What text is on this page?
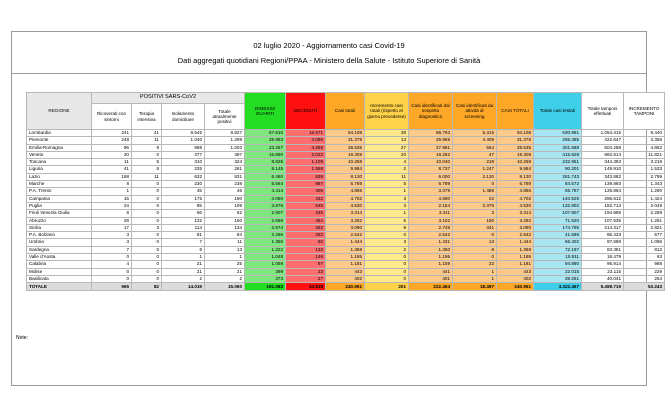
02 luglio 2020 - Aggiornamento casi Covid-19
Dati aggregati quotidiani Regioni/PPAA - Ministero della Salute - Istituto Superiore di Sanità
REGIONE	POSITIVI SARS-CoV2				DIMESSI/ GUARITI	DECEDUTI	Casi totali	Incremento casi totali (rispetto al giorno precedente)	Casi identificati dal sospetto diagnostico	Casi identificati da attività di screening	CASI TOTALI	Totale casi testati	Totale tamponi effettuati	INCREMENTO TAMPONI
	Ricoverati con sintomi	Terapia intensiva	Isolamento domiciliare	Totale attualmente positivi										
Lombardia	241	41	9.545	9.827	67.610	16.671	94.108	38	88.793	5.315	94.108	630.991	1.054.415	9.440
Piemonte	248	11	1.040	1.299	25.983	4.096	31.378	13	26.969	4.409	31.378	265.385	422.647	3.356
Emilia-Romagna	96	9	898	1.003	23.267	4.265	28.535	27	27.981	554	28.535	301.588	504.288	4.862
Veneto	20	0	377	397	16.890	2.022	19.309	20	19.262	47	19.309	415.828	982.614	11.821
Toscana	11	5	310	324	8.825	1.109	10.258	4	10.040	218	10.258	232.951	344.383	3.218
Liguria	41	5	235	281	8.145	1.558	9.984	2	8.737	1.247	9.984	90.201	149.910	1.533
Lazio	188	11	632	831	6.460	839	8.130	11	6.000	2.130	8.130	281.743	343.882	2.799
Marche	8	0	230	238	5.564	987	6.789	5	6.789	0	6.789	84.572	139.893	1.343
P.A. Trento	1	0	45	46	4.414	405	4.865	1	3.379	1.486	4.865	65.787	125.864	1.290
Campania	15	0	175	190	4.080	432	4.702	3	4.680	22	4.702	140.525	286.612	1.424
Puglia	24	0	85	109	3.876	545	4.530	3	2.154	2.376	4.530	132.902	182.713	2.049
Friuli Venezia Giulia	6	0	56	62	2.907	345	3.314	1	3.311	3	3.314	107.907	194.995	2.289
Abruzzo	28	0	132	160	2.668	464	3.292	5	3.102	190	3.292	71.520	107.535	1.281
Sicilia	17	3	114	134	2.674	282	3.090	9	2.749	341	3.090	174.795	214.317	2.821
P.A. Bolzano	3	0	81	84	2.266	292	2.642	0	2.642	0	2.642	41.686	85.433	577
Umbria	3	0	7	11	1.355	80	1.444	3	1.431	13	1.444	66.402	97.698	1.096
Sardegna	7	0	6	13	1.222	133	1.368	2	1.360	8	1.368	72.197	83.381	812
Valle d'Aosta	0	0	1	1	1.048	146	1.195	0	1.195	0	1.195	15.911	18.479	63
Calabria	4	0	21	25	1.059	97	1.181	0	1.159	22	1.181	94.880	96.914	988
Molise	0	0	21	21	399	23	443	0	441	1	443	22.015	23.115	229
Basilicata	0	0	2	2	373	27	402	0	401	1	402	39.261	40.041	254
TOTALE	965	82	14.019	15.060	191.083	34.818	240.961	201	222.464	18.497	240.961	3.322.467	5.498.719	53.243
Note:
